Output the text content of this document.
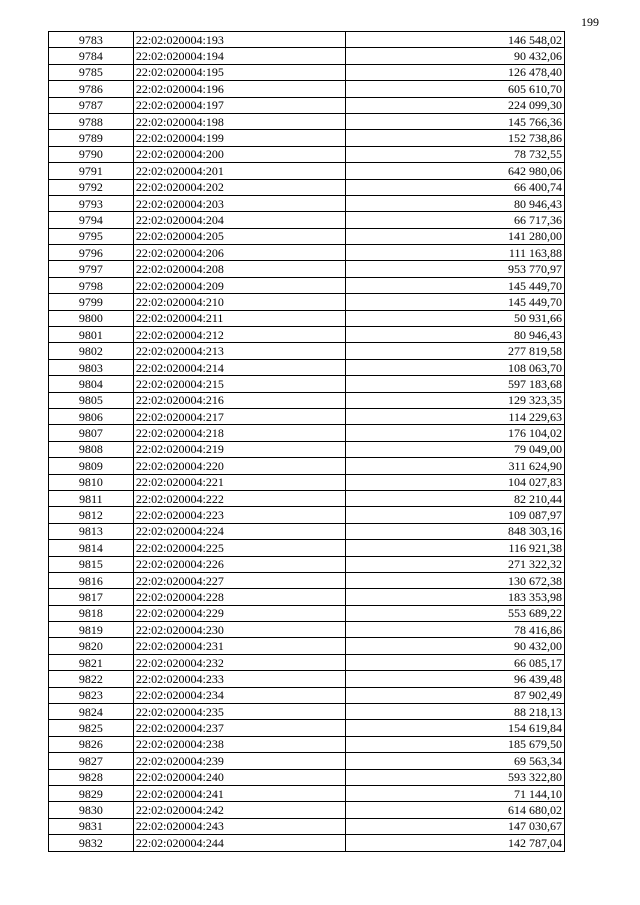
199
9783	22:02:020004:193	146 548,02
9784	22:02:020004:194	90 432,06
9785	22:02:020004:195	126 478,40
9786	22:02:020004:196	605 610,70
9787	22:02:020004:197	224 099,30
9788	22:02:020004:198	145 766,36
9789	22:02:020004:199	152 738,86
9790	22:02:020004:200	78 732,55
9791	22:02:020004:201	642 980,06
9792	22:02:020004:202	66 400,74
9793	22:02:020004:203	80 946,43
9794	22:02:020004:204	66 717,36
9795	22:02:020004:205	141 280,00
9796	22:02:020004:206	111 163,88
9797	22:02:020004:208	953 770,97
9798	22:02:020004:209	145 449,70
9799	22:02:020004:210	145 449,70
9800	22:02:020004:211	50 931,66
9801	22:02:020004:212	80 946,43
9802	22:02:020004:213	277 819,58
9803	22:02:020004:214	108 063,70
9804	22:02:020004:215	597 183,68
9805	22:02:020004:216	129 323,35
9806	22:02:020004:217	114 229,63
9807	22:02:020004:218	176 104,02
9808	22:02:020004:219	79 049,00
9809	22:02:020004:220	311 624,90
9810	22:02:020004:221	104 027,83
9811	22:02:020004:222	82 210,44
9812	22:02:020004:223	109 087,97
9813	22:02:020004:224	848 303,16
9814	22:02:020004:225	116 921,38
9815	22:02:020004:226	271 322,32
9816	22:02:020004:227	130 672,38
9817	22:02:020004:228	183 353,98
9818	22:02:020004:229	553 689,22
9819	22:02:020004:230	78 416,86
9820	22:02:020004:231	90 432,00
9821	22:02:020004:232	66 085,17
9822	22:02:020004:233	96 439,48
9823	22:02:020004:234	87 902,49
9824	22:02:020004:235	88 218,13
9825	22:02:020004:237	154 619,84
9826	22:02:020004:238	185 679,50
9827	22:02:020004:239	69 563,34
9828	22:02:020004:240	593 322,80
9829	22:02:020004:241	71 144,10
9830	22:02:020004:242	614 680,02
9831	22:02:020004:243	147 030,67
9832	22:02:020004:244	142 787,04
